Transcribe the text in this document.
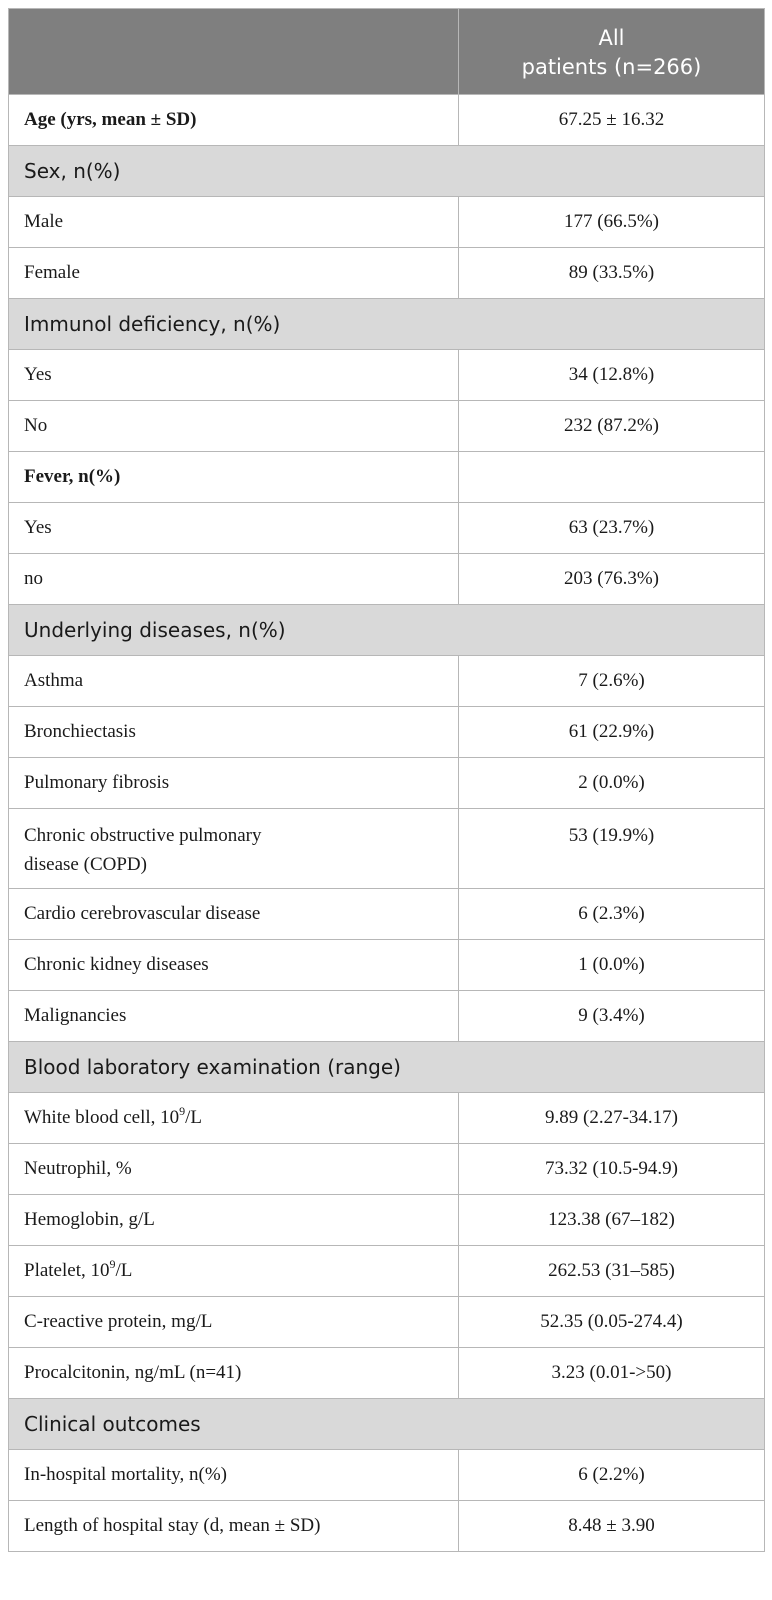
	All
patients (n=266)

Age (yrs, mean ± SD)	67.25 ± 16.32
Sex, n(%)	
Male	177 (66.5%)
Female	89 (33.5%)
Immunol deficiency, n(%)	
Yes	34 (12.8%)
No	232 (87.2%)
Fever, n(%)	
Yes	63 (23.7%)
no	203 (76.3%)
Underlying diseases, n(%)	
Asthma	7 (2.6%)
Bronchiectasis	61 (22.9%)
Pulmonary fibrosis	2 (0.0%)

Chronic obstructive pulmonary
disease (COPD)	53 (19.9%)
Cardio cerebrovascular disease	6 (2.3%)
Chronic kidney diseases	1 (0.0%)
Malignancies	9 (3.4%)
Blood laboratory examination (range)	
White blood cell, $10^9/L$	9.89 (2.27-34.17)
Neutrophil, %	73.32 (10.5-94.9)
Hemoglobin, g/L	123.38 (67–182)
Platelet, $10^9/L$	262.53 (31–585)
C-reactive protein, mg/L	52.35 (0.05-274.4)
Procalcitonin, ng/mL (n=41)	3.23 (0.01->50)
Clinical outcomes	
In-hospital mortality, n(%)	6 (2.2%)
Length of hospital stay (d, mean ± SD)	8.48 ± 3.90
